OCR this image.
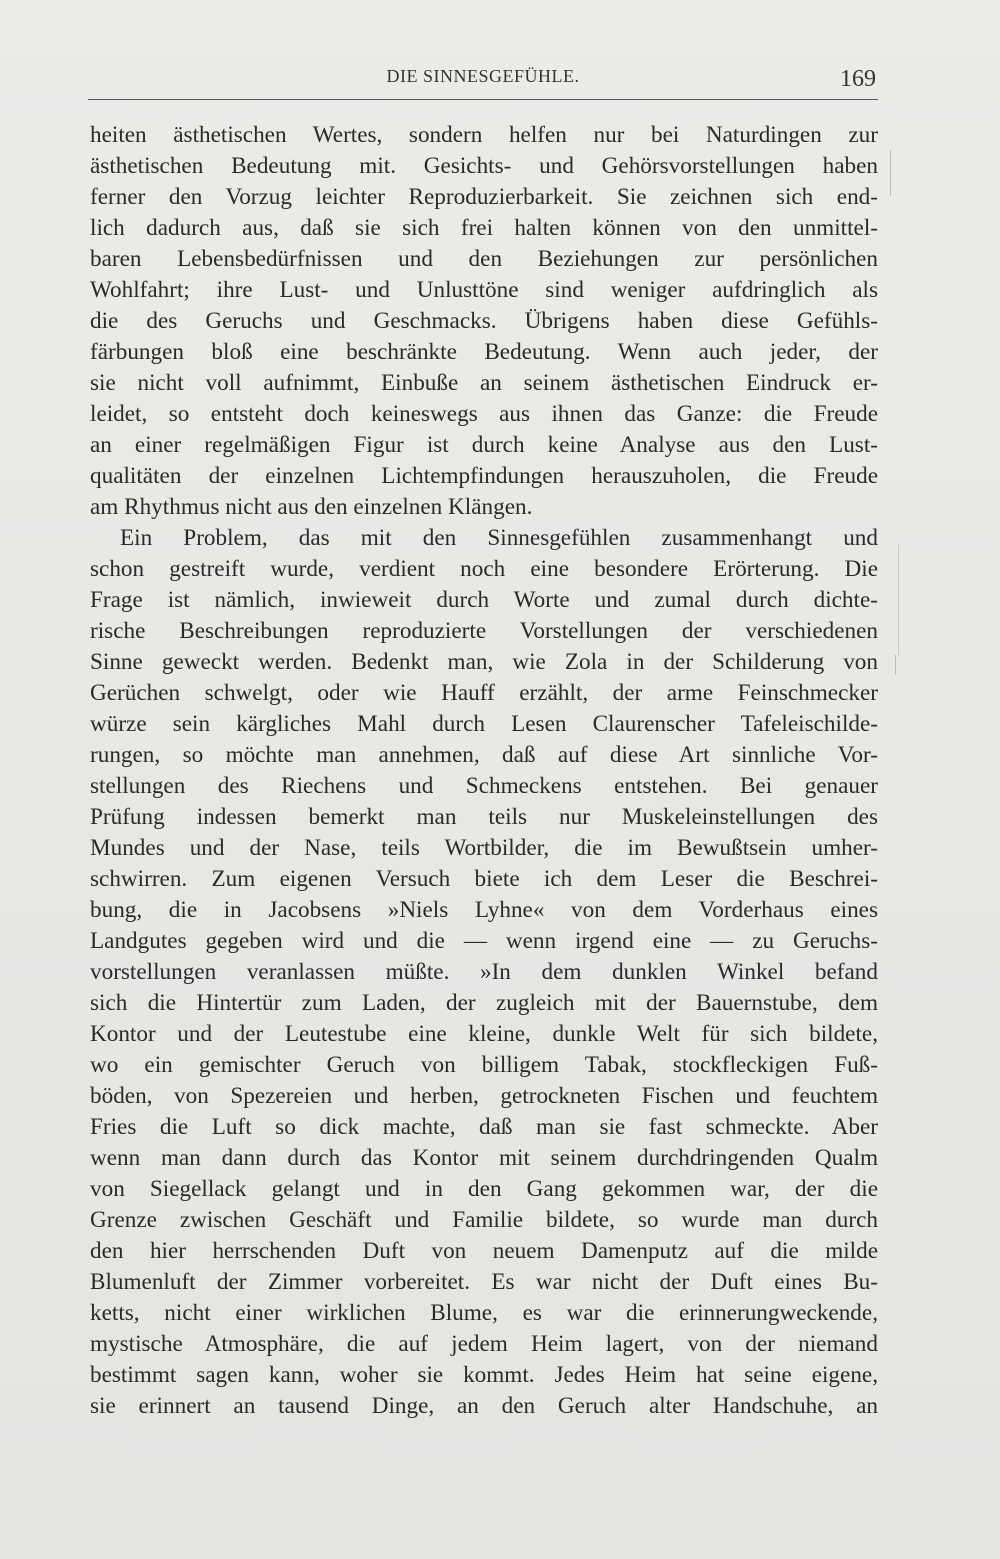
DIE SINNESGEFÜHLE.	169
heiten ästhetischen Wertes, sondern helfen nur bei Naturdingen zur
ästhetischen Bedeutung mit. Gesichts- und Gehörsvorstellungen haben
ferner den Vorzug leichter Reproduzierbarkeit. Sie zeichnen sich end-
lich dadurch aus, daß sie sich frei halten können von den unmittel-
baren Lebensbedürfnissen und den Beziehungen zur persönlichen
Wohlfahrt; ihre Lust- und Unlusttöne sind weniger aufdringlich als
die des Geruchs und Geschmacks. Übrigens haben diese Gefühls-
färbungen bloß eine beschränkte Bedeutung. Wenn auch jeder, der
sie nicht voll aufnimmt, Einbuße an seinem ästhetischen Eindruck er-
leidet, so entsteht doch keineswegs aus ihnen das Ganze: die Freude
an einer regelmäßigen Figur ist durch keine Analyse aus den Lust-
qualitäten der einzelnen Lichtempfindungen herauszuholen, die Freude
am Rhythmus nicht aus den einzelnen Klängen.
Ein Problem, das mit den Sinnesgefühlen zusammenhangt und
schon gestreift wurde, verdient noch eine besondere Erörterung. Die
Frage ist nämlich, inwieweit durch Worte und zumal durch dichte-
rische Beschreibungen reproduzierte Vorstellungen der verschiedenen
Sinne geweckt werden. Bedenkt man, wie Zola in der Schilderung von
Gerüchen schwelgt, oder wie Hauff erzählt, der arme Feinschmecker
würze sein kärgliches Mahl durch Lesen Claurenscher Tafeleischilde-
rungen, so möchte man annehmen, daß auf diese Art sinnliche Vor-
stellungen des Riechens und Schmeckens entstehen. Bei genauer
Prüfung indessen bemerkt man teils nur Muskeleinstellungen des
Mundes und der Nase, teils Wortbilder, die im Bewußtsein umher-
schwirren. Zum eigenen Versuch biete ich dem Leser die Beschrei-
bung, die in Jacobsens »Niels Lyhne« von dem Vorderhaus eines
Landgutes gegeben wird und die — wenn irgend eine — zu Geruchs-
vorstellungen veranlassen müßte. »In dem dunklen Winkel befand
sich die Hintertür zum Laden, der zugleich mit der Bauernstube, dem
Kontor und der Leutestube eine kleine, dunkle Welt für sich bildete,
wo ein gemischter Geruch von billigem Tabak, stockfleckigen Fuß-
böden, von Spezereien und herben, getrockneten Fischen und feuchtem
Fries die Luft so dick machte, daß man sie fast schmeckte. Aber
wenn man dann durch das Kontor mit seinem durchdringenden Qualm
von Siegellack gelangt und in den Gang gekommen war, der die
Grenze zwischen Geschäft und Familie bildete, so wurde man durch
den hier herrschenden Duft von neuem Damenputz auf die milde
Blumenluft der Zimmer vorbereitet. Es war nicht der Duft eines Bu-
ketts, nicht einer wirklichen Blume, es war die erinnerungweckende,
mystische Atmosphäre, die auf jedem Heim lagert, von der niemand
bestimmt sagen kann, woher sie kommt. Jedes Heim hat seine eigene,
sie erinnert an tausend Dinge, an den Geruch alter Handschuhe, an
